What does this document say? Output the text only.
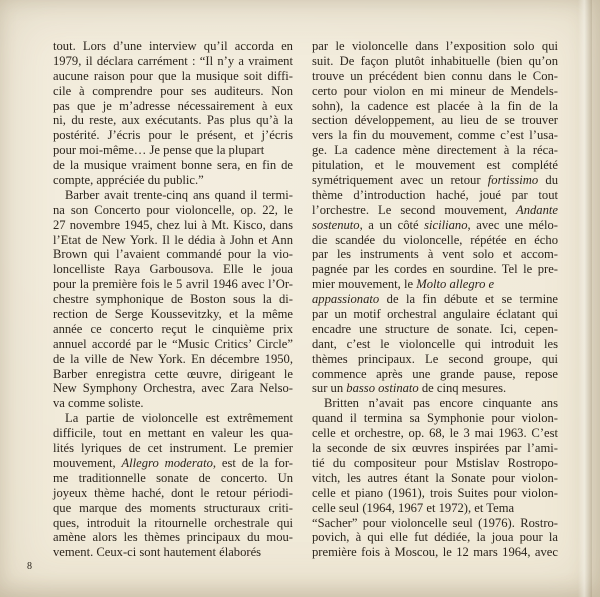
tout. Lors d’une interview qu’il accorda en
1979, il déclara carrément : “Il n’y a vraiment
aucune raison pour que la musique soit diffi-
cile à comprendre pour ses auditeurs. Non
pas que je m’adresse nécessairement à eux
ni, du reste, aux exécutants. Pas plus qu’à la
postérité. J’écris pour le présent, et j’écris
pour moi-même… Je pense que la plupart
de la musique vraiment bonne sera, en fin de
compte, appréciée du public.”
Barber avait trente-cinq ans quand il termi-
na son Concerto pour violoncelle, op. 22, le
27 novembre 1945, chez lui à Mt. Kisco, dans
l’Etat de New York. Il le dédia à John et Ann
Brown qui l’avaient commandé pour la vio-
loncelliste Raya Garbousova. Elle le joua
pour la première fois le 5 avril 1946 avec l’Or-
chestre symphonique de Boston sous la di-
rection de Serge Koussevitzky, et la même
année ce concerto reçut le cinquième prix
annuel accordé par le “Music Critics’ Circle”
de la ville de New York. En décembre 1950,
Barber enregistra cette œuvre, dirigeant le
New Symphony Orchestra, avec Zara Nelso-
va comme soliste.
La partie de violoncelle est extrêmement
difficile, tout en mettant en valeur les qua-
lités lyriques de cet instrument. Le premier
mouvement, Allegro moderato, est de la for-
me traditionnelle sonate de concerto. Un
joyeux thème haché, dont le retour périodi-
que marque des moments structuraux criti-
ques, introduit la ritournelle orchestrale qui
amène alors les thèmes principaux du mou-
vement. Ceux-ci sont hautement élaborés
par le violoncelle dans l’exposition solo qui
suit. De façon plutôt inhabituelle (bien qu’on
trouve un précédent bien connu dans le Con-
certo pour violon en mi mineur de Mendels-
sohn), la cadence est placée à la fin de la
section développement, au lieu de se trouver
vers la fin du mouvement, comme c’est l’usa-
ge. La cadence mène directement à la réca-
pitulation, et le mouvement est complété
symétriquement avec un retour fortissimo du
thème d’introduction haché, joué par tout
l’orchestre. Le second mouvement, Andante
sostenuto, a un côté siciliano, avec une mélo-
die scandée du violoncelle, répétée en écho
par les instruments à vent solo et accom-
pagnée par les cordes en sourdine. Tel le pre-
mier mouvement, le Molto allegro e
appassionato de la fin débute et se termine
par un motif orchestral angulaire éclatant qui
encadre une structure de sonate. Ici, cepen-
dant, c’est le violoncelle qui introduit les
thèmes principaux. Le second groupe, qui
commence après une grande pause, repose
sur un basso ostinato de cinq mesures.
Britten n’avait pas encore cinquante ans
quand il termina sa Symphonie pour violon-
celle et orchestre, op. 68, le 3 mai 1963. C’est
la seconde de six œuvres inspirées par l’ami-
tié du compositeur pour Mstislav Rostropo-
vitch, les autres étant la Sonate pour violon-
celle et piano (1961), trois Suites pour violon-
celle seul (1964, 1967 et 1972), et Tema
“Sacher” pour violoncelle seul (1976). Rostro-
povich, à qui elle fut dédiée, la joua pour la
première fois à Moscou, le 12 mars 1964, avec
8
